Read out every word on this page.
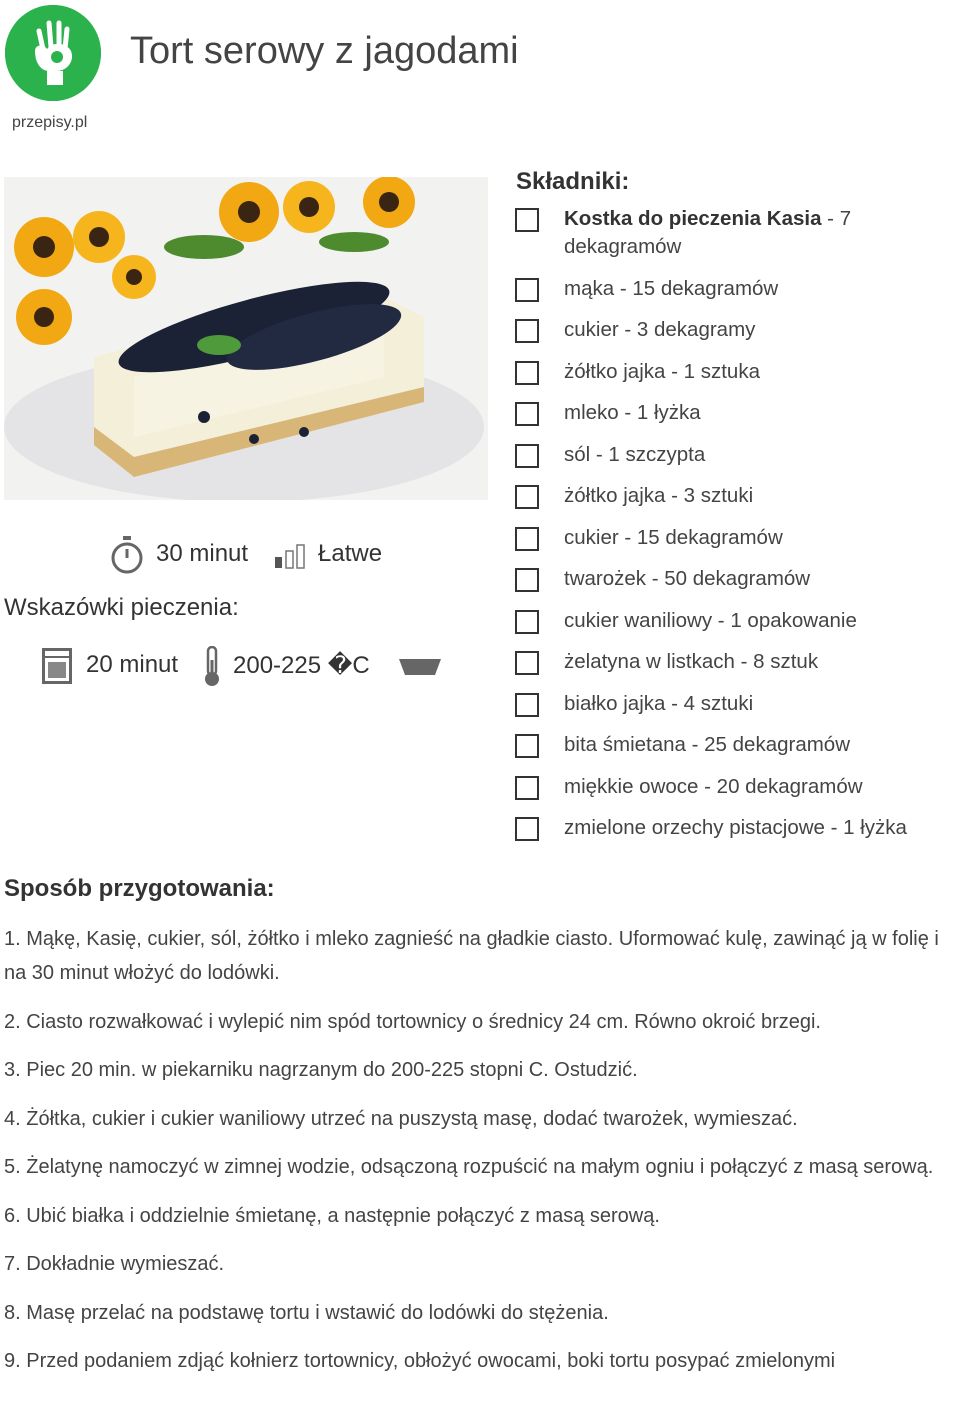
przepisy.pl
Tort serowy z jagodami
30 minut	Łatwe
Wskazówki pieczenia:
20 minut 200-225 �C
Składniki:
Kostka do pieczenia Kasia - 7 dekagramów
mąka - 15 dekagramów
cukier - 3 dekagramy
żółtko jajka - 1 sztuka
mleko - 1 łyżka
sól - 1 szczypta
żółtko jajka - 3 sztuki
cukier - 15 dekagramów
twarożek - 50 dekagramów
cukier waniliowy - 1 opakowanie
żelatyna w listkach - 8 sztuk
białko jajka - 4 sztuki
bita śmietana - 25 dekagramów
miękkie owoce - 20 dekagramów
zmielone orzechy pistacjowe - 1 łyżka
Sposób przygotowania:
1. Mąkę, Kasię, cukier, sól, żółtko i mleko zagnieść na gładkie ciasto. Uformować kulę, zawinąć ją w folię i na 30 minut włożyć do lodówki.
2. Ciasto rozwałkować i wylepić nim spód tortownicy o średnicy 24 cm. Równo okroić brzegi.
3. Piec 20 min. w piekarniku nagrzanym do 200-225 stopni C. Ostudzić.
4. Żółtka, cukier i cukier waniliowy utrzeć na puszystą masę, dodać twarożek, wymieszać.
5. Żelatynę namoczyć w zimnej wodzie, odsączoną rozpuścić na małym ogniu i połączyć z masą serową.
6. Ubić białka i oddzielnie śmietanę, a następnie połączyć z masą serową.
7. Dokładnie wymieszać.
8. Masę przelać na podstawę tortu i wstawić do lodówki do stężenia.
9. Przed podaniem zdjąć kołnierz tortownicy, obłożyć owocami, boki tortu posypać zmielonymi
